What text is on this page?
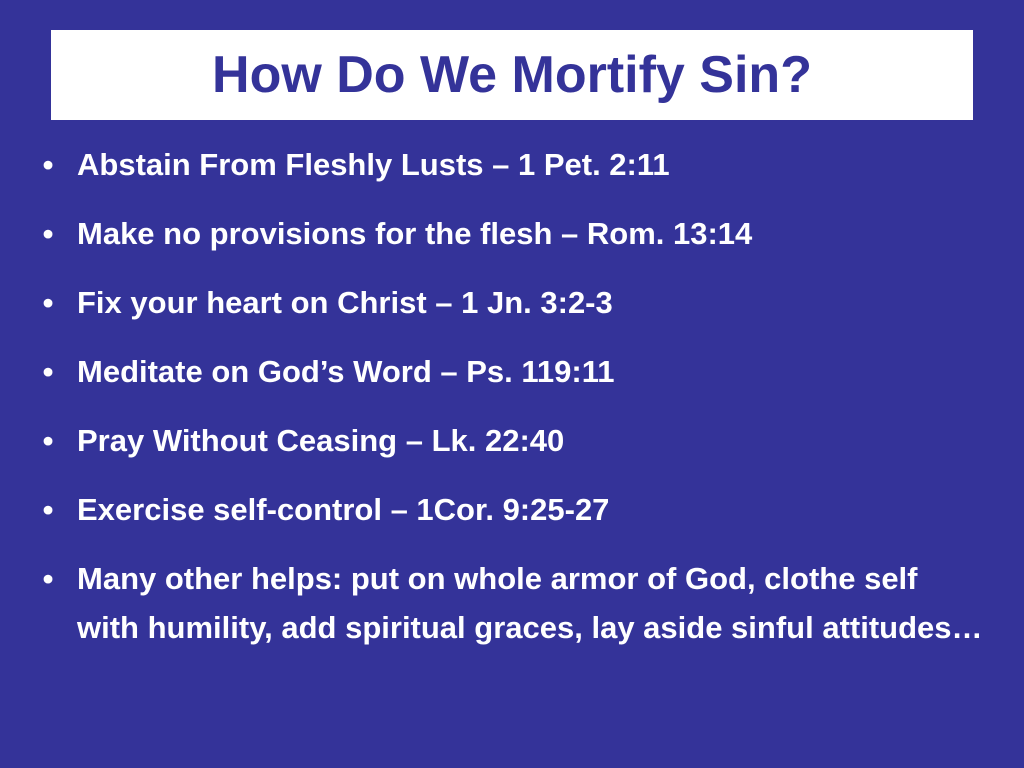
How Do We Mortify Sin?
• Abstain From Fleshly Lusts – 1 Pet. 2:11
• Make no provisions for the flesh – Rom. 13:14
• Fix your heart on Christ – 1 Jn. 3:2-3
• Meditate on God’s Word – Ps. 119:11
• Pray Without Ceasing – Lk. 22:40
• Exercise self-control – 1Cor. 9:25-27
• Many other helps: put on whole armor of God, clothe self with humility, add spiritual graces, lay aside sinful attitudes…
